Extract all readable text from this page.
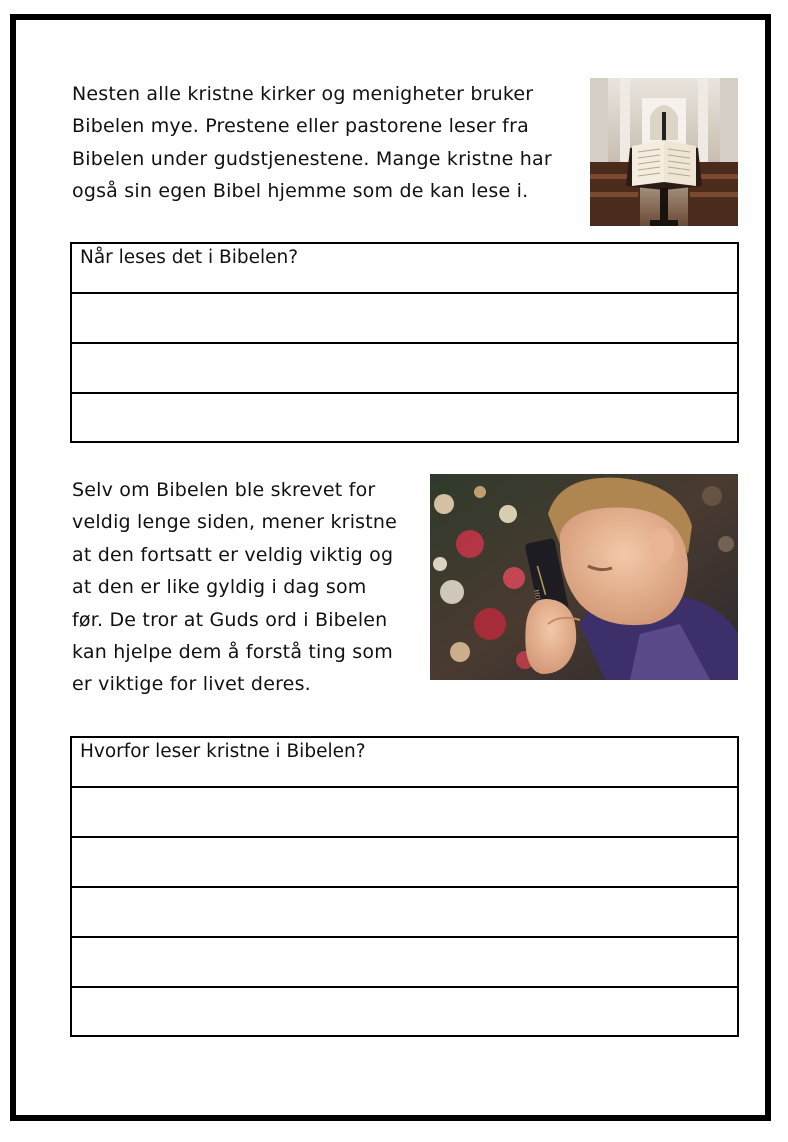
Nesten alle kristne kirker og menigheter bruker
Bibelen mye. Prestene eller pastorene leser fra
Bibelen under gudstjenestene. Mange kristne har
også sin egen Bibel hjemme som de kan lese i.

Når leses det i Bibelen?

Selv om Bibelen ble skrevet for
veldig lenge siden, mener kristne
at den fortsatt er veldig viktig og
at den er like gyldig i dag som
før. De tror at Guds ord i Bibelen
kan hjelpe dem å forstå ting som
er viktige for livet deres.

Hvorfor leser kristne i Bibelen?
